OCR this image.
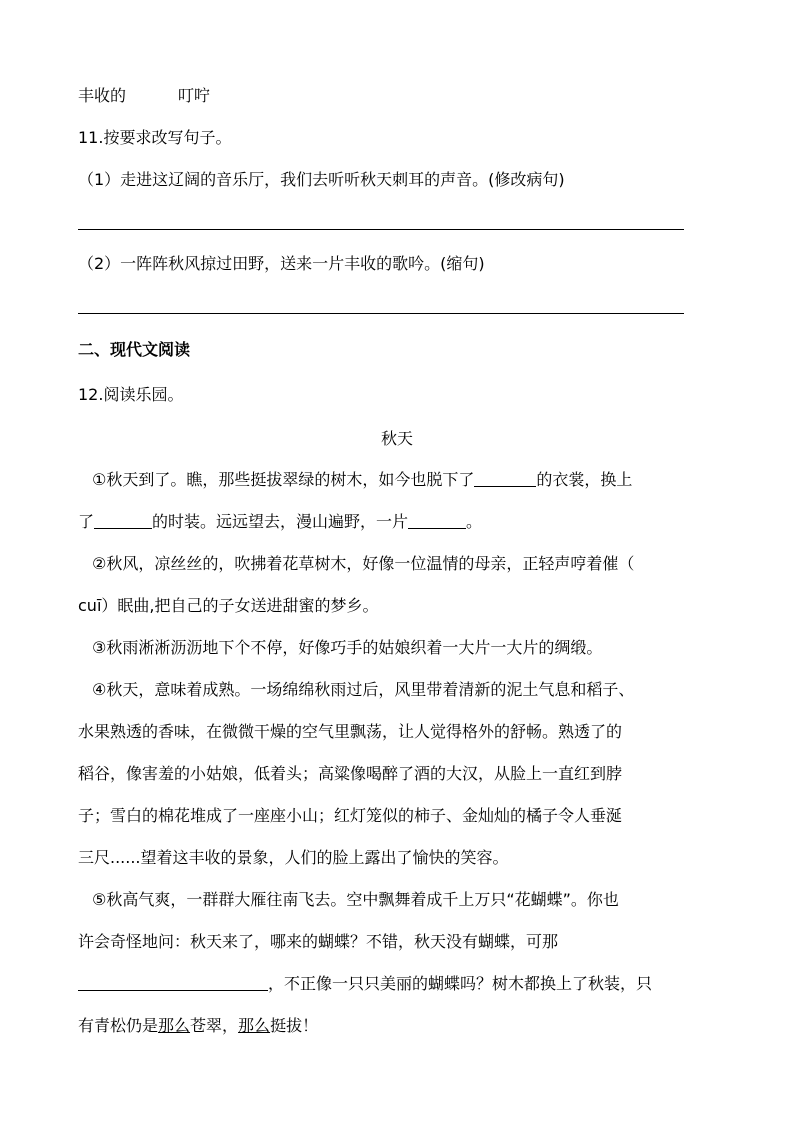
丰收的	叮咛
11.按要求改写句子。
（1）走进这辽阔的音乐厅，我们去听听秋天刺耳的声音。(修改病句)
（2）一阵阵秋风掠过田野，送来一片丰收的歌吟。(缩句)
二、现代文阅读
12.阅读乐园。
秋天
①秋天到了。瞧，那些挺拔翠绿的树木，如今也脱下了	的衣裳，换上
了	的时装。远远望去，漫山遍野，一片	。
②秋风，凉丝丝的，吹拂着花草树木，好像一位温情的母亲，正轻声哼着催（
cuī）眠曲,把自己的子女送进甜蜜的梦乡。
③秋雨淅淅沥沥地下个不停，好像巧手的姑娘织着一大片一大片的绸缎。
④秋天，意味着成熟。一场绵绵秋雨过后，风里带着清新的泥土气息和稻子、
水果熟透的香味，在微微干燥的空气里飘荡，让人觉得格外的舒畅。熟透了的
稻谷，像害羞的小姑娘，低着头；高粱像喝醉了酒的大汉，从脸上一直红到脖
子；雪白的棉花堆成了一座座小山；红灯笼似的柿子、金灿灿的橘子令人垂涎
三尺......望着这丰收的景象，人们的脸上露出了愉快的笑容。
⑤秋高气爽，一群群大雁往南飞去。空中飘舞着成千上万只“花蝴蝶”。你也
许会奇怪地问：秋天来了，哪来的蝴蝶？不错，秋天没有蝴蝶，可那
，不正像一只只美丽的蝴蝶吗？树木都换上了秋装，只
有青松仍是那么苍翠，那么挺拔！
